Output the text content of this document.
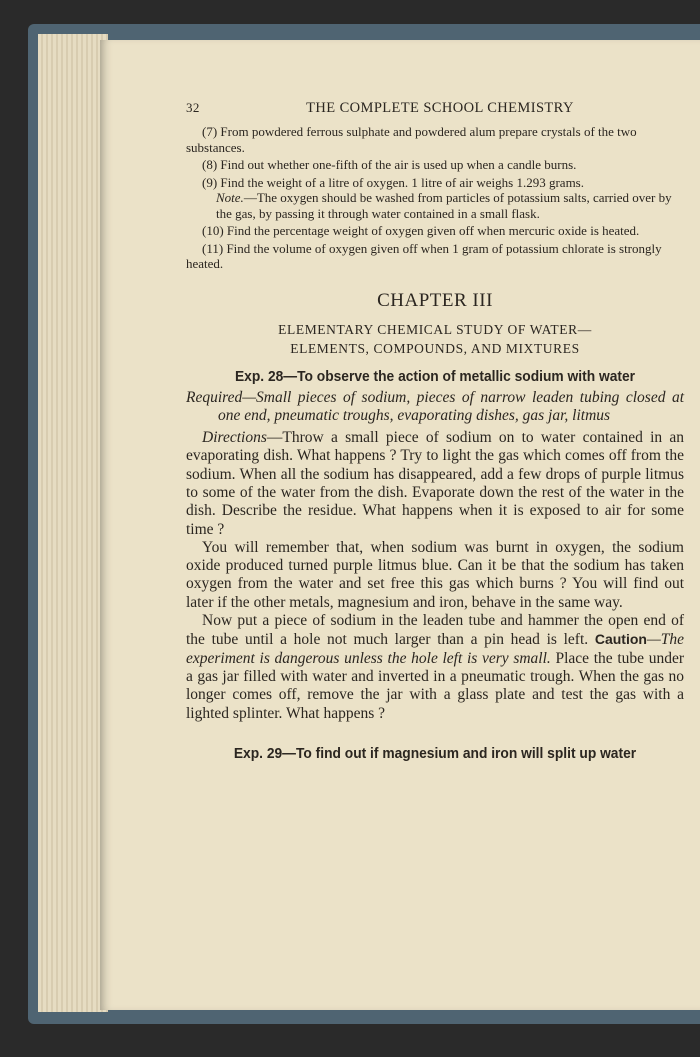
32	THE COMPLETE SCHOOL CHEMISTRY

(7) From powdered ferrous sulphate and powdered alum prepare crystals of the two substances.

(8) Find out whether one-fifth of the air is used up when a candle burns.

(9) Find the weight of a litre of oxygen. 1 litre of air weighs 1.293 grams.

Note.—The oxygen should be washed from particles of potassium salts, carried over by the gas, by passing it through water contained in a small flask.

(10) Find the percentage weight of oxygen given off when mercuric oxide is heated.

(11) Find the volume of oxygen given off when 1 gram of potassium chlorate is strongly heated.

CHAPTER III

ELEMENTARY CHEMICAL STUDY OF WATER—

ELEMENTS, COMPOUNDS, AND MIXTURES

Exp. 28—To observe the action of metallic sodium with water

Required—Small pieces of sodium, pieces of narrow leaden tubing closed at one end, pneumatic troughs, evaporating dishes, gas jar, litmus

Directions—Throw a small piece of sodium on to water contained in an evaporating dish. What happens ? Try to light the gas which comes off from the sodium. When all the sodium has disappeared, add a few drops of purple litmus to some of the water from the dish. Evaporate down the rest of the water in the dish. Describe the residue. What happens when it is exposed to air for some time ?

You will remember that, when sodium was burnt in oxygen, the sodium oxide produced turned purple litmus blue. Can it be that the sodium has taken oxygen from the water and set free this gas which burns ? You will find out later if the other metals, magnesium and iron, behave in the same way.

Now put a piece of sodium in the leaden tube and hammer the open end of the tube until a hole not much larger than a pin head is left. Caution—The experiment is dangerous unless the hole left is very small. Place the tube under a gas jar filled with water and inverted in a pneumatic trough. When the gas no longer comes off, remove the jar with a glass plate and test the gas with a lighted splinter. What happens ?

Exp. 29—To find out if magnesium and iron will split up water
